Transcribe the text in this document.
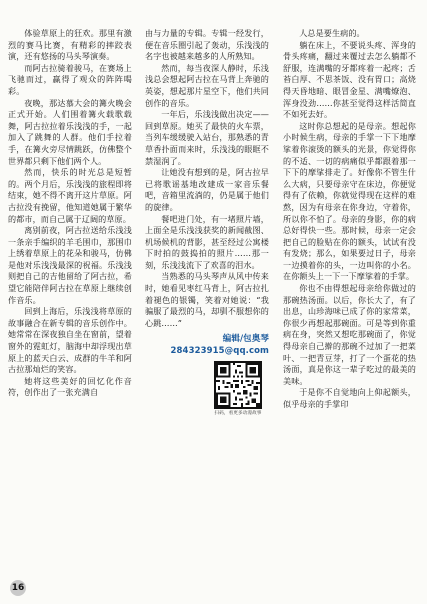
体验草原上的狂欢。那里有激烈的赛马比赛，有精彩的摔跤表演，还有悠扬的马头琴演奏。

而阿古拉骑着骏马，在赛场上飞驰而过，赢得了观众的阵阵喝彩。

夜晚，那达慕大会的篝火晚会正式开始。人们围着篝火载歌载舞，阿古拉拉着乐浅浅的手，一起加入了跳舞的人群。他们手拉着手，在篝火旁尽情跳跃，仿佛整个世界都只剩下他们两个人。

然而，快乐的时光总是短暂的。两个月后，乐浅浅的旅程即将结束，她不得不离开这片草原。阿古拉没有挽留，他知道她属于繁华的都市，而自己属于辽阔的草原。

离别前夜，阿古拉送给乐浅浅一条亲手编织的羊毛围巾，那围巾上绣着草原上的花朵和骏马，仿佛是他对乐浅浅最深的祝福。乐浅浅则把自己的吉他留给了阿古拉，希望它能陪伴阿古拉在草原上继续创作音乐。

回到上海后，乐浅浅将草原的故事融合在新专辑的音乐创作中。她常常在深夜独自坐在窗前，望着窗外的霓虹灯，脑海中却浮现出草原上的蓝天白云、成群的牛羊和阿古拉那灿烂的笑容。

她将这些美好的回忆化作音符，创作出了一张充满自

由与力量的专辑。专辑一经发行，便在音乐圈引起了轰动，乐浅浅的名字也被越来越多的人所熟知。

然而，每当夜深人静时，乐浅浅总会想起阿古拉在马背上奔驰的英姿，想起那片星空下，他们共同创作的音乐。

一年后，乐浅浅做出决定——回到草原。她买了最快的火车票，当列车缓缓驶入站台，那熟悉的青草香扑面而来时，乐浅浅的眼眶不禁湿润了。

让她没有想到的是，阿古拉早已将歌谣基地改建成一家音乐餐吧，音箱里流淌的，仍是属于他们的旋律。

餐吧进门处，有一堵照片墙，上面全是乐浅浅获奖的新闻截图、机场候机的背影，甚至经过公寓楼下时拍的鼓捣拍的照片……那一刻，乐浅浅流下了欢喜的泪水。

当熟悉的马头琴声从风中传来时，她看见枣红马背上，阿古拉扎着褪色的银镯，笑着对她说：“我骗服了最烈的马，却驯不服想你的心跳……”

编辑/包奥琴
284323915@qq.com
扫码，看更多动漫故事

人总是要生病的。

躺在床上，不要说头疼、浑身的骨头疼痛，翻过来覆过去怎么躺都不舒服，连满嘴的牙都疼着一起疼；舌苔白厚、不思茶饭、没有胃口；高烧得天昏地暗、眼冒金星、满嘴燎泡、浑身没劲……你甚至觉得这样活简直不如死去好。

这时你总想起的是母亲。想起你小时候生病，母亲的手掌一下下地摩挲着你滚烫的额头的光景，你觉得你的不适、一切的病痛似乎都跟着那一下下的摩挲排走了。好像你不管生什么大病，只要母亲守在床边，你便觉得有了依赖，你就觉得现在这样的难熬，因为有母亲在你身边，守着你，所以你不怕了。母亲的身影，你的病总好得快一些。那时候，母亲一定会把自己的脸贴在你的额头，试试有没有发烧；那么，如果要过日子，母亲一边摸着你的头，一边叫你的小名。在你额头上一下一下摩挲着的手掌。

你也不由得想起母亲给你做过的那碗热汤面。以后，你长大了，有了出息，山珍海味已成了你的家常菜，你很少再想起那碗面。可是等到你重病在身，突然又想吃那碗面了，你觉得母亲自己擀的那碗不过加了一把菜叶、一把青豆芽，打了一个蛋花的热汤面，真是你这一辈子吃过的最美的美味。

于是你不自觉地向上仰起额头，似乎母亲的手掌印

16
